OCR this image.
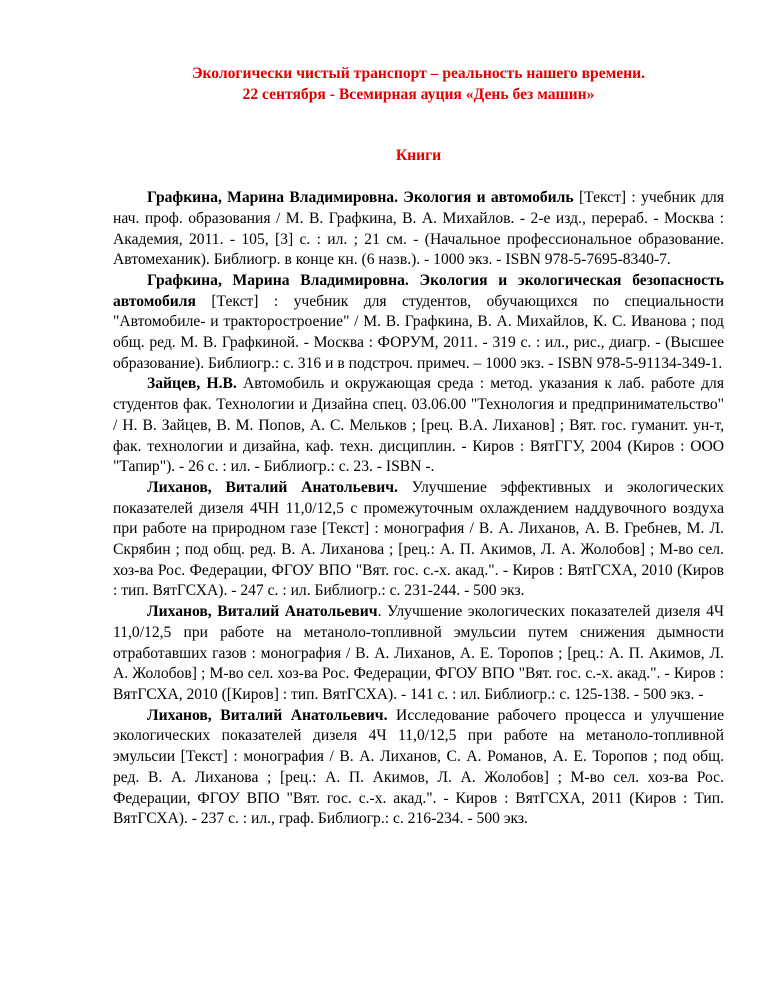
Экологически чистый транспорт – реальность нашего времени.

22 сентября - Всемирная ауция «День без машин»

Книги

Графкина, Марина Владимировна. Экология и автомобиль [Текст] : учебник для нач. проф. образования / М. В. Графкина, В. А. Михайлов. - 2-е изд., перераб. - Москва : Академия, 2011. - 105, [3] с. : ил. ; 21 см. - (Начальное профессиональное образование. Автомеханик). Библиогр. в конце кн. (6 назв.). - 1000 экз. - ISBN 978-5-7695-8340-7.

Графкина, Марина Владимировна. Экология и экологическая безопасность автомобиля [Текст] : учебник для студентов, обучающихся по специальности "Автомобиле- и тракторостроение" / М. В. Графкина, В. А. Михайлов, К. С. Иванова ; под общ. ред. М. В. Графкиной. - Москва : ФОРУМ, 2011. - 319 с. : ил., рис., диагр. - (Высшее образование). Библиогр.: с. 316 и в подстроч. примеч. – 1000 экз. - ISBN 978-5-91134-349-1.

Зайцев, Н.В. Автомобиль и окружающая среда : метод. указания к лаб. работе для студентов фак. Технологии и Дизайна спец. 03.06.00 "Технология и предпринимательство" / Н. В. Зайцев, В. М. Попов, А. С. Мельков ; [рец. В.А. Лиханов] ; Вят. гос. гуманит. ун-т, фак. технологии и дизайна, каф. техн. дисциплин. - Киров : ВятГГУ, 2004 (Киров : ООО "Тапир"). - 26 с. : ил. - Библиогр.: с. 23. - ISBN -.

Лиханов, Виталий Анатольевич. Улучшение эффективных и экологических показателей дизеля 4ЧН 11,0/12,5 с промежуточным охлаждением наддувочного воздуха при работе на природном газе [Текст] : монография / В. А. Лиханов, А. В. Гребнев, М. Л. Скрябин ; под общ. ред. В. А. Лиханова ; [рец.: А. П. Акимов, Л. А. Жолобов] ; М-во сел. хоз-ва Рос. Федерации, ФГОУ ВПО "Вят. гос. с.-х. акад.". - Киров : ВятГСХА, 2010 (Киров : тип. ВятГСХА). - 247 с. : ил. Библиогр.: с. 231-244. - 500 экз.

Лиханов, Виталий Анатольевич. Улучшение экологических показателей дизеля 4Ч 11,0/12,5 при работе на метаноло-топливной эмульсии путем снижения дымности отработавших газов : монография / В. А. Лиханов, А. Е. Торопов ; [рец.: А. П. Акимов, Л. А. Жолобов] ; М-во сел. хоз-ва Рос. Федерации, ФГОУ ВПО "Вят. гос. с.-х. акад.". - Киров : ВятГСХА, 2010 ([Киров] : тип. ВятГСХА). - 141 с. : ил. Библиогр.: с. 125-138. - 500 экз. -

Лиханов, Виталий Анатольевич. Исследование рабочего процесса и улучшение экологических показателей дизеля 4Ч 11,0/12,5 при работе на метаноло-топливной эмульсии [Текст] : монография / В. А. Лиханов, С. А. Романов, А. Е. Торопов ; под общ. ред. В. А. Лиханова ; [рец.: А. П. Акимов, Л. А. Жолобов] ; М-во сел. хоз-ва Рос. Федерации, ФГОУ ВПО "Вят. гос. с.-х. акад.". - Киров : ВятГСХА, 2011 (Киров : Тип. ВятГСХА). - 237 с. : ил., граф. Библиогр.: с. 216-234. - 500 экз.
